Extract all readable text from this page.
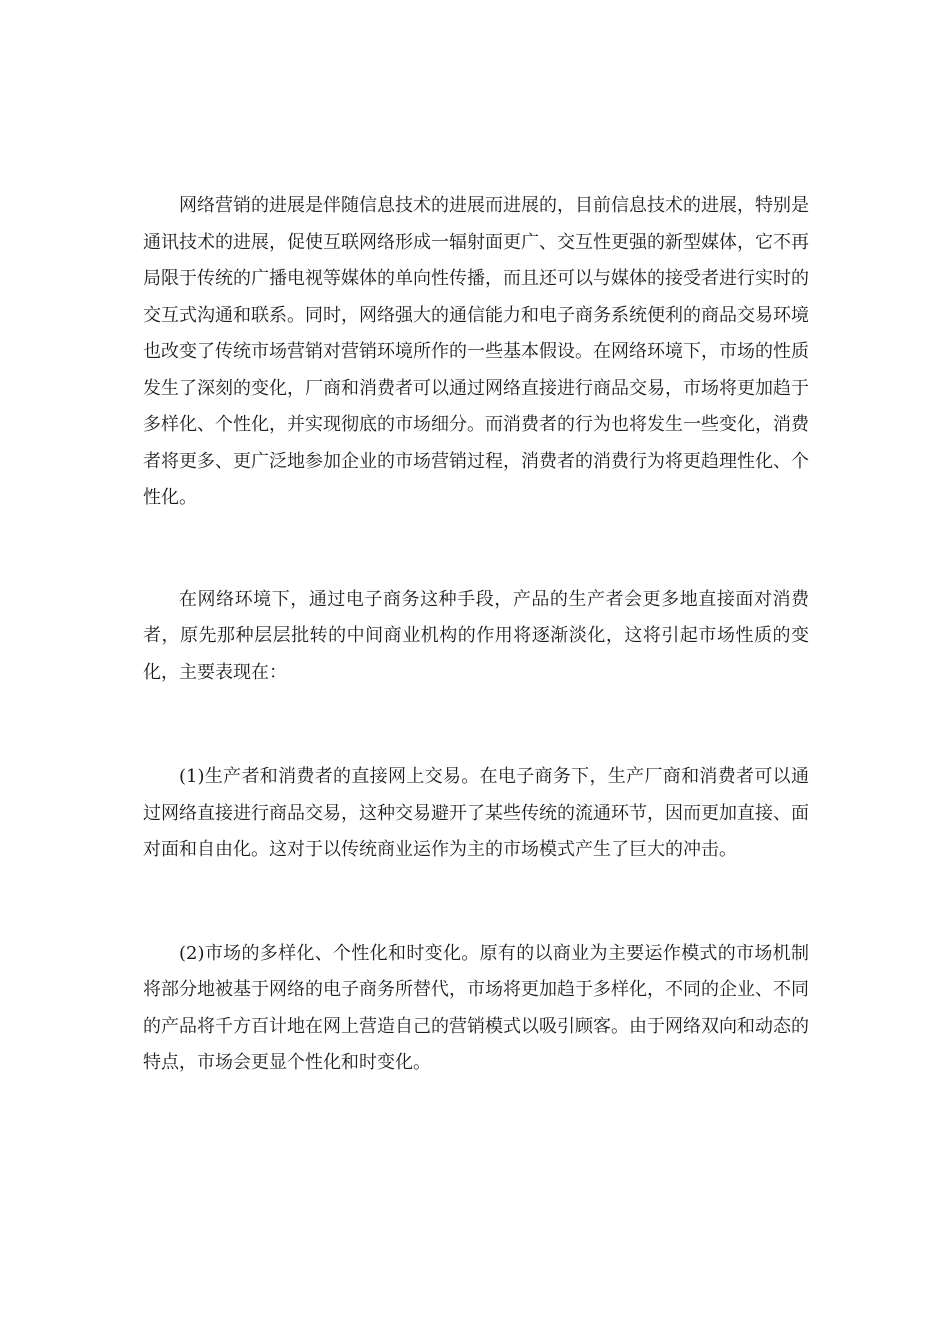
网络营销的进展是伴随信息技术的进展而进展的，目前信息技术的进展，特别是通讯技术的进展，促使互联网络形成一辐射面更广、交互性更强的新型媒体，它不再局限于传统的广播电视等媒体的单向性传播，而且还可以与媒体的接受者进行实时的交互式沟通和联系。同时，网络强大的通信能力和电子商务系统便利的商品交易环境也改变了传统市场营销对营销环境所作的一些基本假设。在网络环境下，市场的性质发生了深刻的变化，厂商和消费者可以通过网络直接进行商品交易，市场将更加趋于多样化、个性化，并实现彻底的市场细分。而消费者的行为也将发生一些变化，消费者将更多、更广泛地参加企业的市场营销过程，消费者的消费行为将更趋理性化、个性化。

在网络环境下，通过电子商务这种手段，产品的生产者会更多地直接面对消费者，原先那种层层批转的中间商业机构的作用将逐渐淡化，这将引起市场性质的变化，主要表现在：

(1)生产者和消费者的直接网上交易。在电子商务下，生产厂商和消费者可以通过网络直接进行商品交易，这种交易避开了某些传统的流通环节，因而更加直接、面对面和自由化。这对于以传统商业运作为主的市场模式产生了巨大的冲击。

(2)市场的多样化、个性化和时变化。原有的以商业为主要运作模式的市场机制将部分地被基于网络的电子商务所替代，市场将更加趋于多样化，不同的企业、不同的产品将千方百计地在网上营造自己的营销模式以吸引顾客。由于网络双向和动态的特点，市场会更显个性化和时变化。
